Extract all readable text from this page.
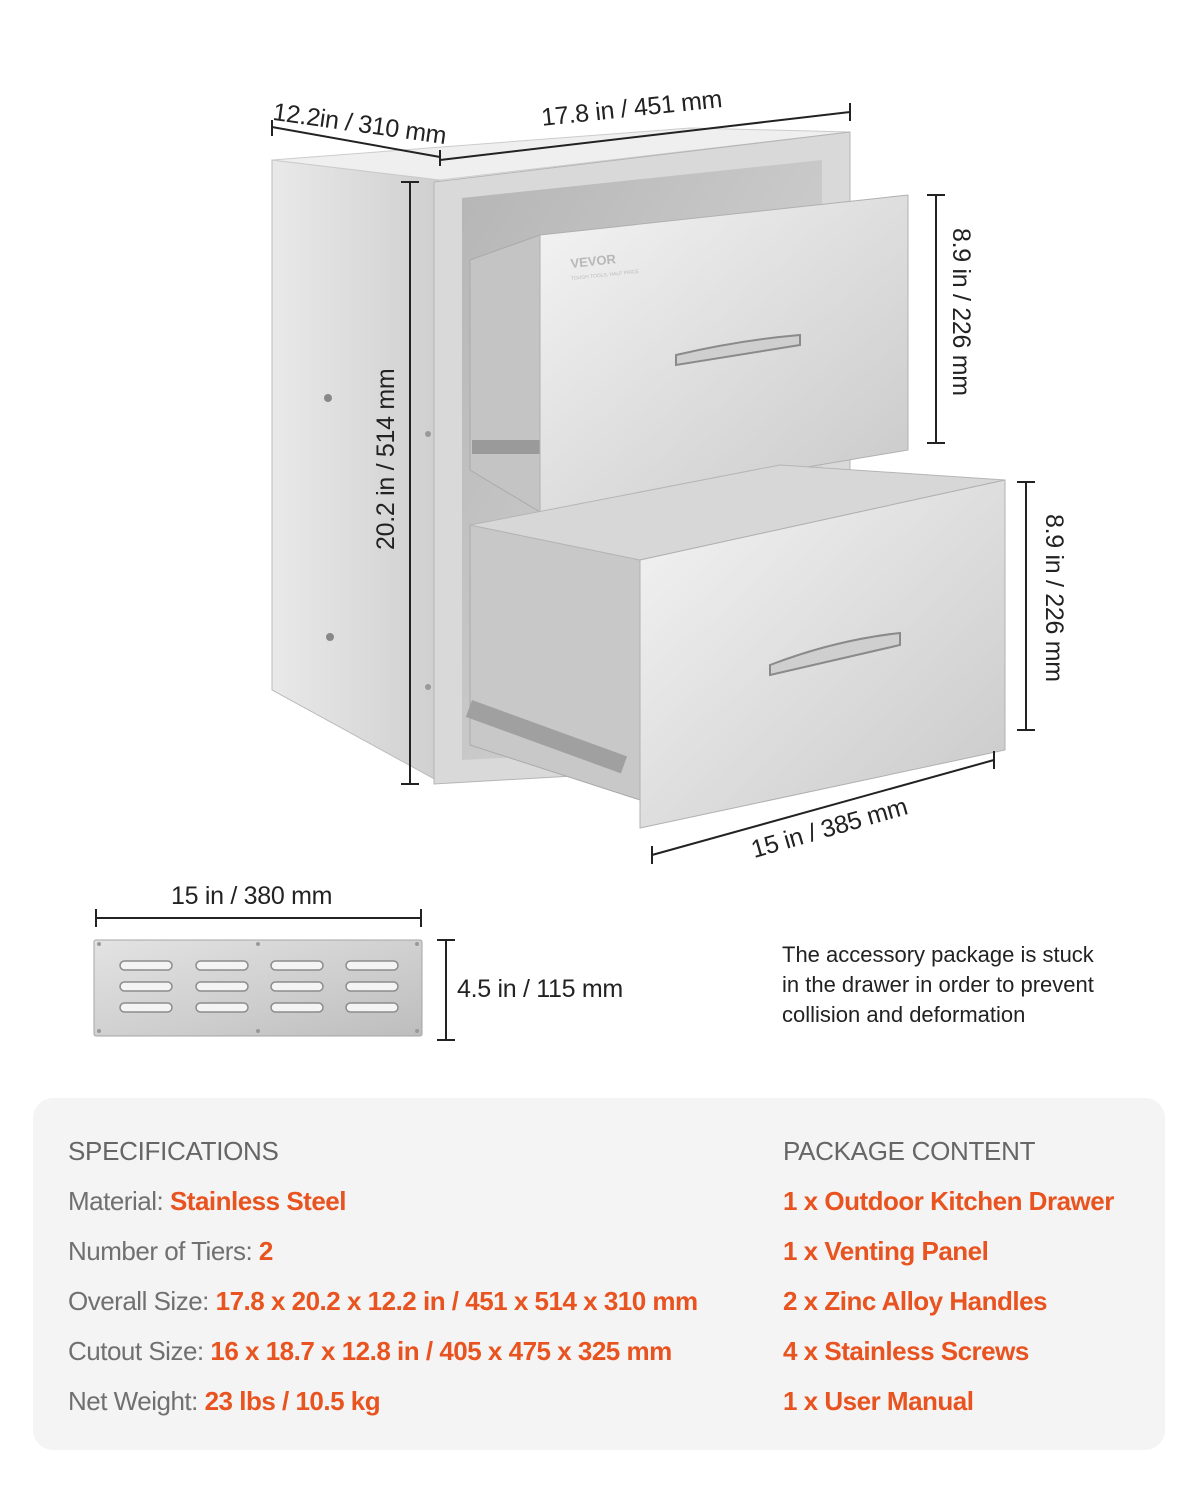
VEVOR
TOUGH TOOLS, HALF PRICE
12.2in / 310 mm	17.8 in / 451 mm
20.2 in / 514 mm
8.9 in / 226 mm
8.9 in / 226 mm
15 in / 385 mm
15 in / 380 mm
4.5 in / 115 mm
The accessory package is stuck
in the drawer in order to prevent
collision and deformation
SPECIFICATIONS
Material: Stainless Steel
Number of Tiers: 2
Overall Size: 17.8 x 20.2 x 12.2 in / 451 x 514 x 310 mm
Cutout Size: 16 x 18.7 x 12.8 in / 405 x 475 x 325 mm
Net Weight: 23 lbs / 10.5 kg
PACKAGE CONTENT
1 x Outdoor Kitchen Drawer
1 x Venting Panel
2 x Zinc Alloy Handles
4 x Stainless Screws
1 x User Manual
